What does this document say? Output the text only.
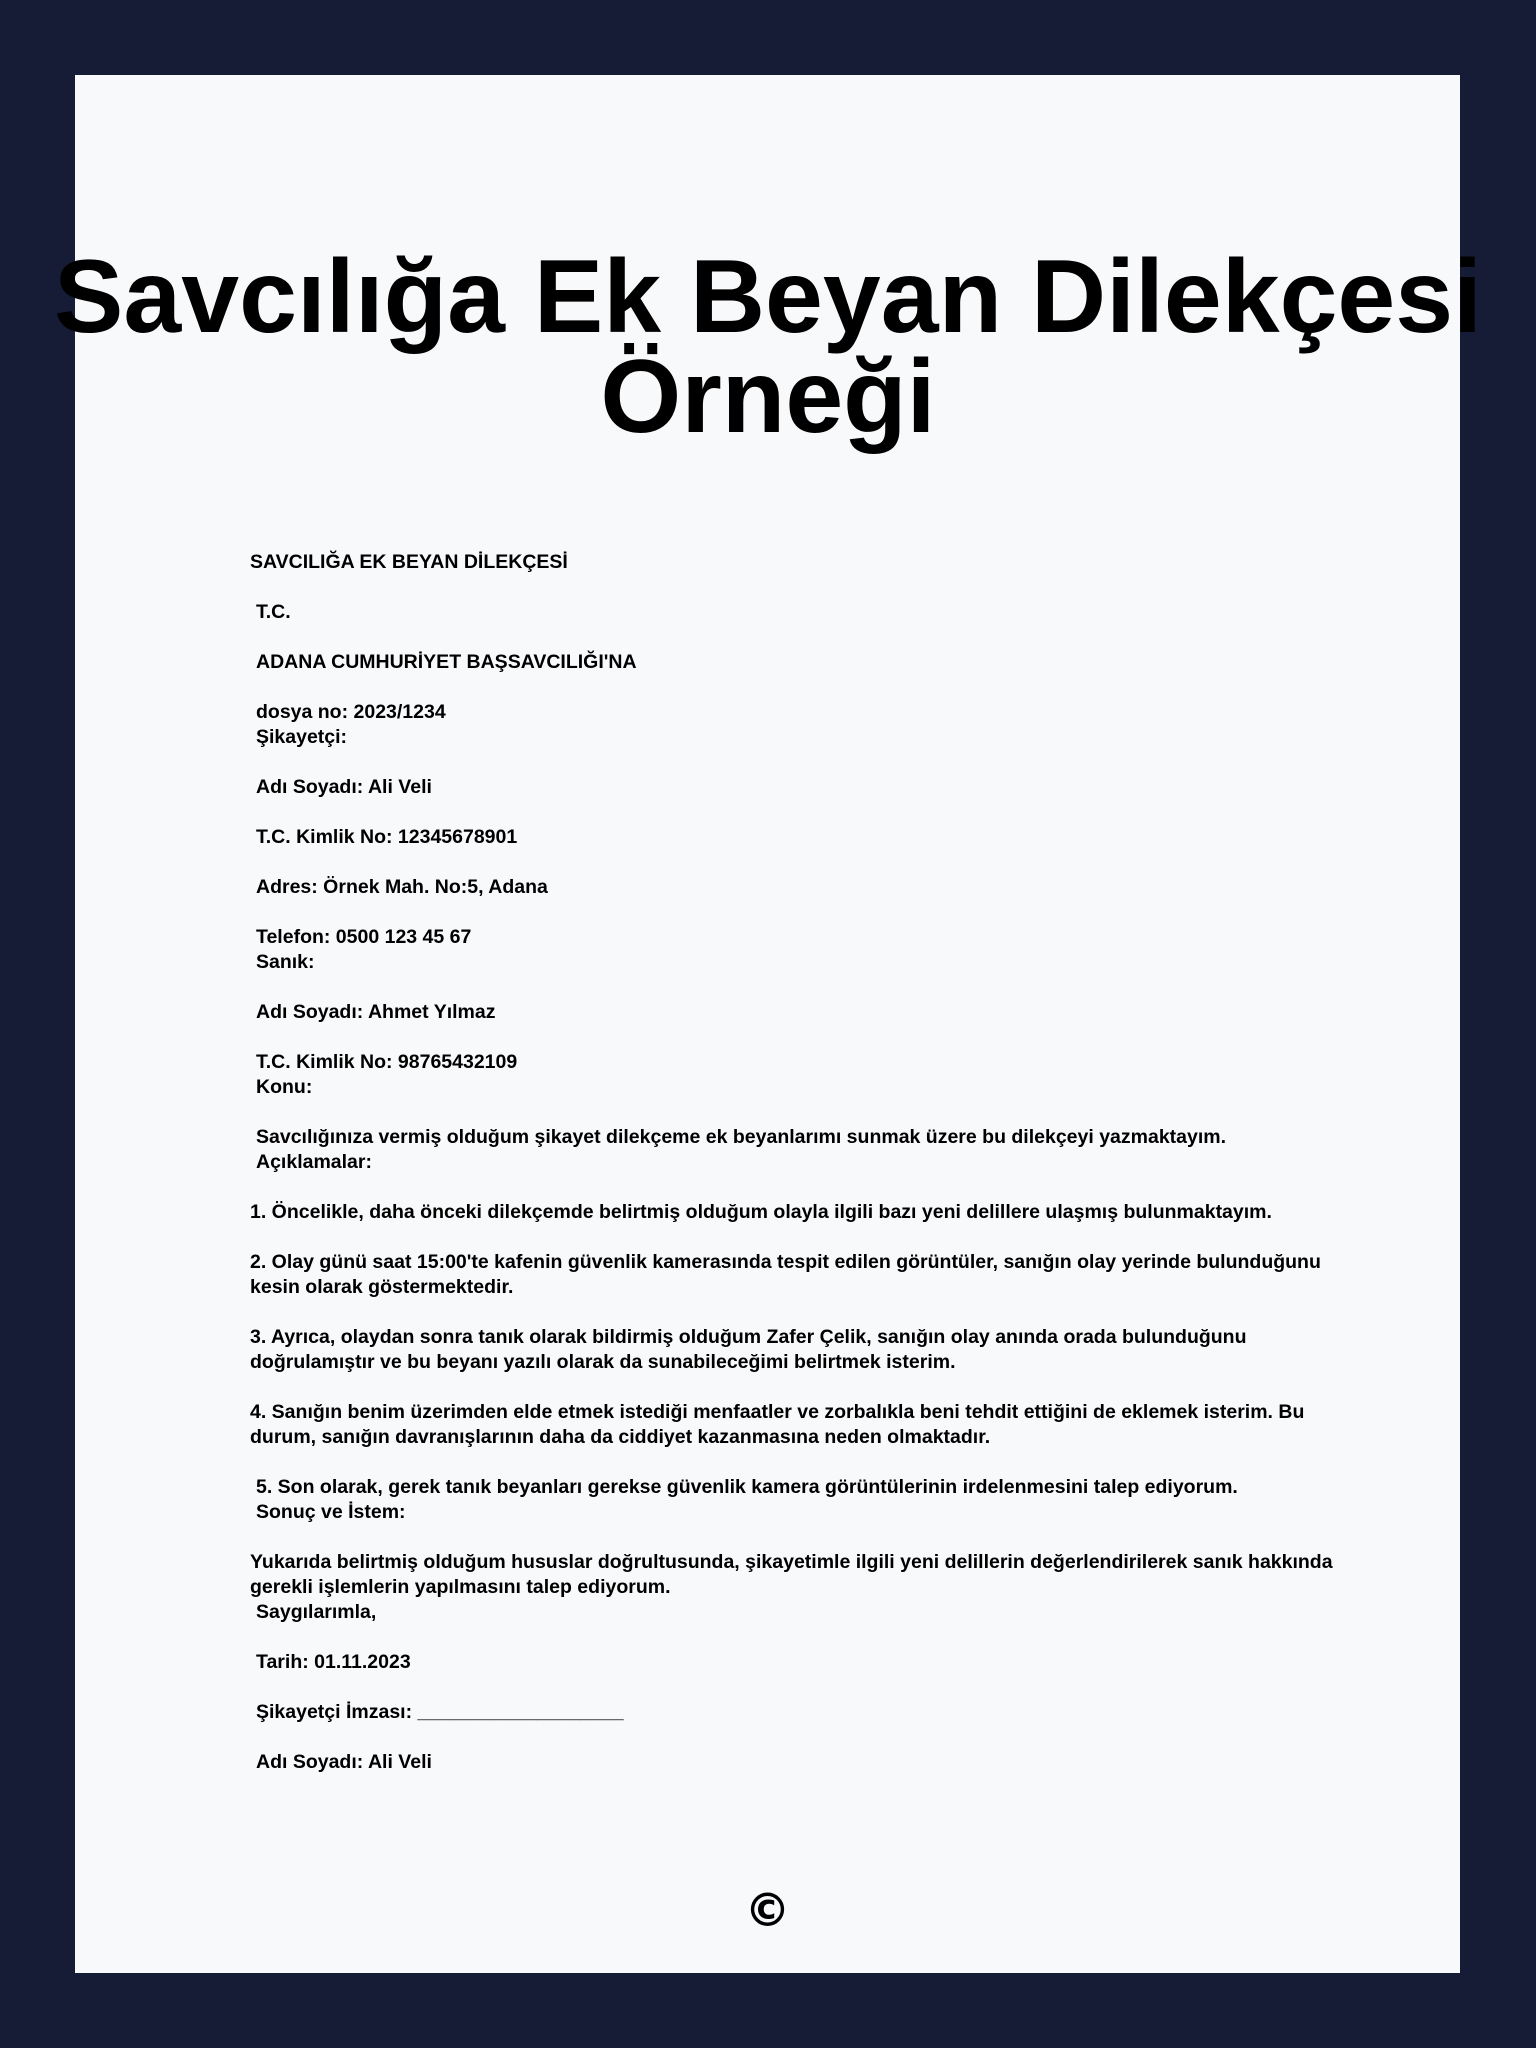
Savcılığa Ek Beyan Dilekçesi Örneği

SAVCILIĞA EK BEYAN DİLEKÇESİ

T.C.

ADANA CUMHURİYET BAŞSAVCILIĞI'NA

dosya no: 2023/1234

Şikayetçi:

Adı Soyadı: Ali Veli

T.C. Kimlik No: 12345678901

Adres: Örnek Mah. No:5, Adana

Telefon: 0500 123 45 67

Sanık:

Adı Soyadı: Ahmet Yılmaz

T.C. Kimlik No: 98765432109

Konu:

Savcılığınıza vermiş olduğum şikayet dilekçeme ek beyanlarımı sunmak üzere bu dilekçeyi yazmaktayım.

Açıklamalar:

1. Öncelikle, daha önceki dilekçemde belirtmiş olduğum olayla ilgili bazı yeni delillere ulaşmış bulunmaktayım.

2. Olay günü saat 15:00'te kafenin güvenlik kamerasında tespit edilen görüntüler, sanığın olay yerinde bulunduğunu kesin olarak göstermektedir.

3. Ayrıca, olaydan sonra tanık olarak bildirmiş olduğum Zafer Çelik, sanığın olay anında orada bulunduğunu doğrulamıştır ve bu beyanı yazılı olarak da sunabileceğimi belirtmek isterim.

4. Sanığın benim üzerimden elde etmek istediği menfaatler ve zorbalıkla beni tehdit ettiğini de eklemek isterim. Bu durum, sanığın davranışlarının daha da ciddiyet kazanmasına neden olmaktadır.

5. Son olarak, gerek tanık beyanları gerekse güvenlik kamera görüntülerinin irdelenmesini talep ediyorum.

Sonuç ve İstem:

Yukarıda belirtmiş olduğum hususlar doğrultusunda, şikayetimle ilgili yeni delillerin değerlendirilerek sanık hakkında gerekli işlemlerin yapılmasını talep ediyorum.

Saygılarımla,

Tarih: 01.11.2023

Şikayetçi İmzası: ___________________

Adı Soyadı: Ali Veli

©
